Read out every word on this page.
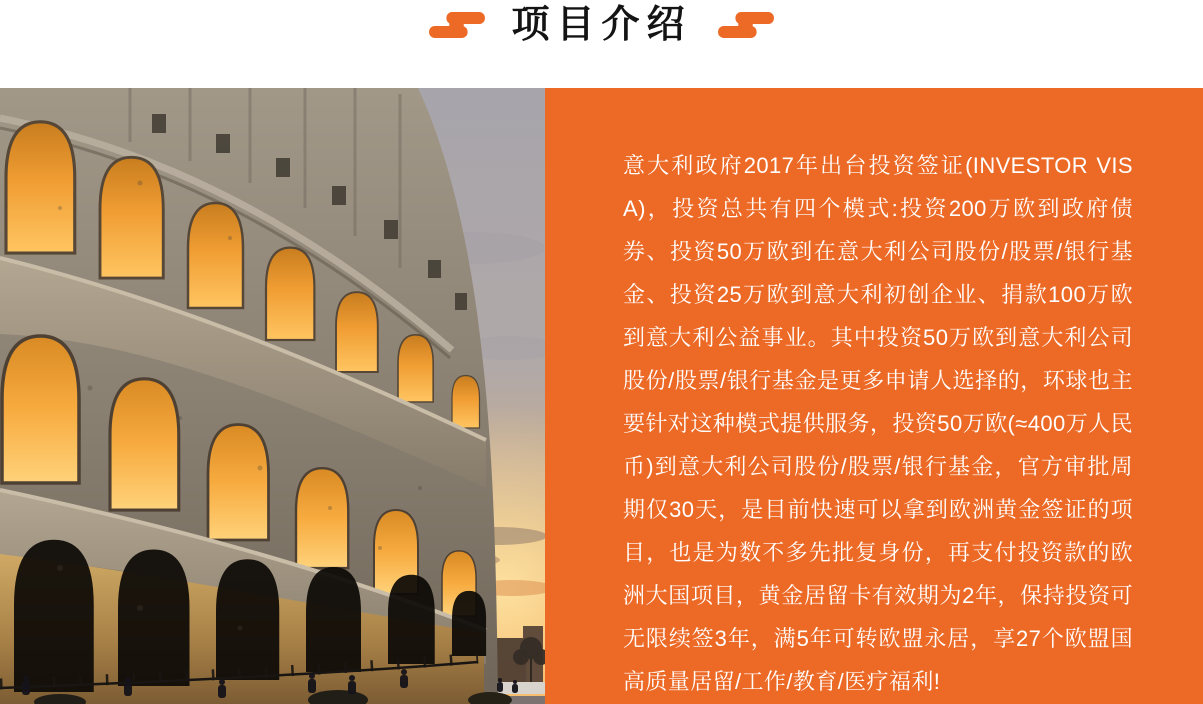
项目介绍

意大利政府2017年出台投资签证(INVESTOR VISA)，投资总共有四个模式:投资200万欧到政府债券、投资50万欧到在意大利公司股份/股票/银行基金、投资25万欧到意大利初创企业、捐款100万欧到意大利公益事业。其中投资50万欧到意大利公司股份/股票/银行基金是更多申请人选择的，环球也主要针对这种模式提供服务，投资50万欧(≈400万人民币)到意大利公司股份/股票/银行基金，官方审批周期仅30天，是目前快速可以拿到欧洲黄金签证的项目，也是为数不多先批复身份，再支付投资款的欧洲大国项目，黄金居留卡有效期为2年，保持投资可无限续签3年，满5年可转欧盟永居，享27个欧盟国高质量居留/工作/教育/医疗福利!
